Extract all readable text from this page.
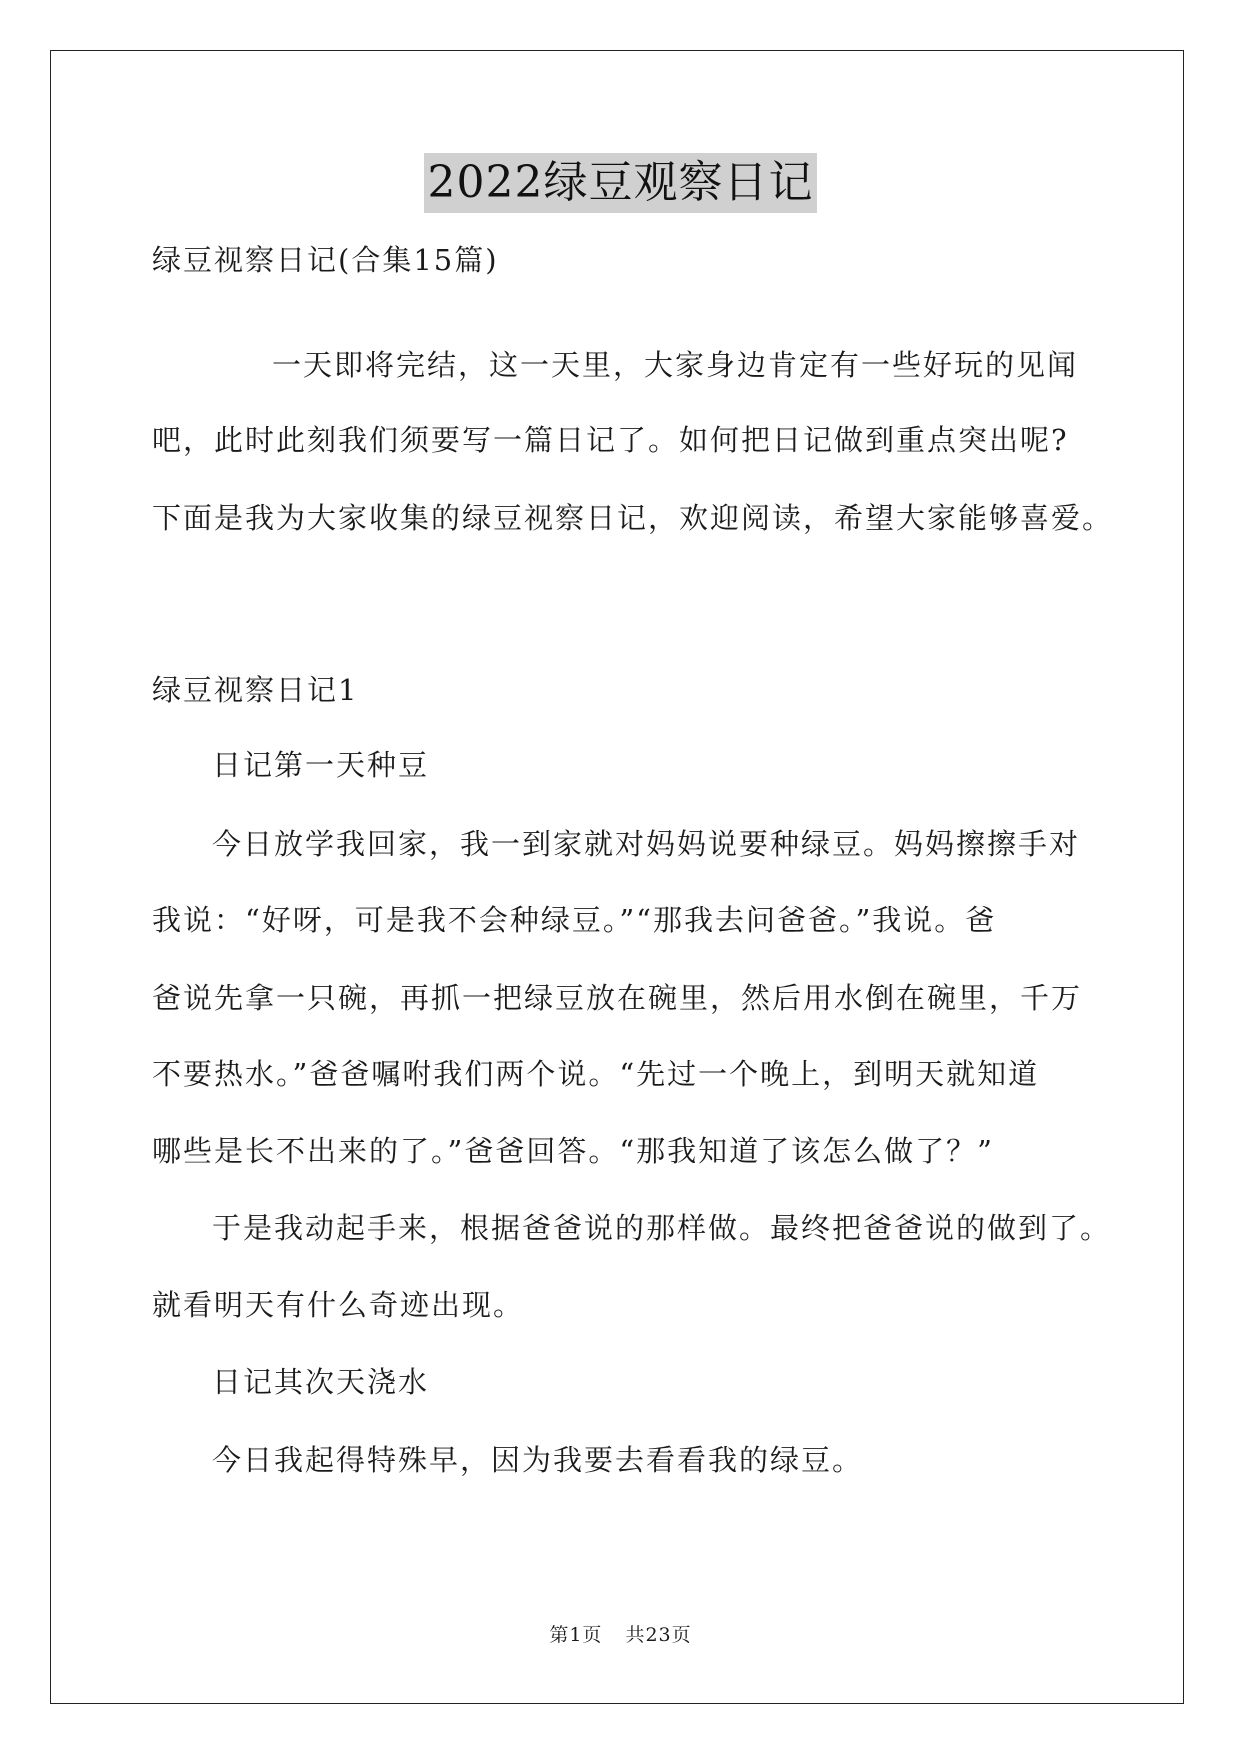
2022绿豆观察日记
绿豆视察日记(合集15篇)
一天即将完结，这一天里，大家身边肯定有一些好玩的见闻
吧，此时此刻我们须要写一篇日记了。如何把日记做到重点突出呢?
下面是我为大家收集的绿豆视察日记，欢迎阅读，希望大家能够喜爱。
绿豆视察日记1
日记第一天种豆
今日放学我回家，我一到家就对妈妈说要种绿豆。妈妈擦擦手对
我说：“好呀，可是我不会种绿豆。”“那我去问爸爸。”我说。爸
爸说先拿一只碗，再抓一把绿豆放在碗里，然后用水倒在碗里，千万
不要热水。”爸爸嘱咐我们两个说。“先过一个晚上，到明天就知道
哪些是长不出来的了。”爸爸回答。“那我知道了该怎么做了？”
于是我动起手来，根据爸爸说的那样做。最终把爸爸说的做到了。
就看明天有什么奇迹出现。
日记其次天浇水
今日我起得特殊早，因为我要去看看我的绿豆。
第1页 共23页
